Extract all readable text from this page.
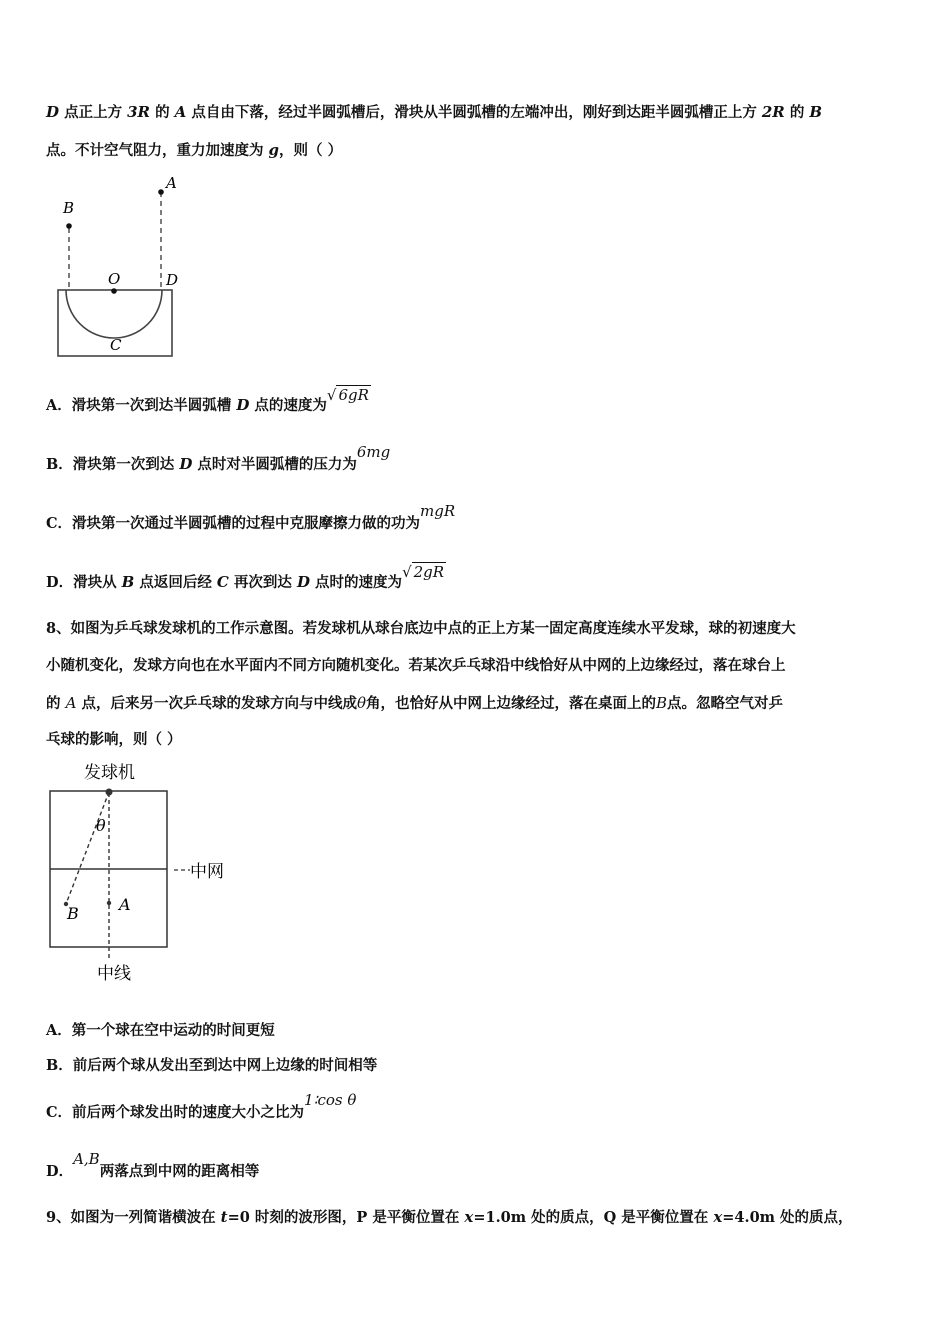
D 点正上方 3R 的 A 点自由下落，经过半圆弧槽后，滑块从半圆弧槽的左端冲出，刚好到达距半圆弧槽正上方 2R 的 B
点。不计空气阻力，重力加速度为 g，则（ ）
A
B
O	D
C
A．滑块第一次到达半圆弧槽 D 点的速度为√ 6gR
B．滑块第一次到达 D 点时对半圆弧槽的压力为6mg
C．滑块第一次通过半圆弧槽的过程中克服摩擦力做的功为mgR
D．滑块从 B 点返回后经 C 再次到达 D 点时的速度为√ 2gR
8、如图为乒乓球发球机的工作示意图。若发球机从球台底边中点的正上方某一固定高度连续水平发球，球的初速度大
小随机变化，发球方向也在水平面内不同方向随机变化。若某次乒乓球沿中线恰好从中网的上边缘经过，落在球台上
的 A 点，后来另一次乒乓球的发球方向与中线成θ角，也恰好从中网上边缘经过，落在桌面上的B点。忽略空气对乒
乓球的影响，则（ ）
发球机
中网
θ
A
B
中线
A．第一个球在空中运动的时间更短
B．前后两个球从发出至到达中网上边缘的时间相等
C．前后两个球发出时的速度大小之比为1∶cos θ
D．A,B两落点到中网的距离相等
9、如图为一列简谐横波在 t=0 时刻的波形图，P 是平衡位置在 x=1.0m 处的质点，Q 是平衡位置在 x=4.0m 处的质点，
